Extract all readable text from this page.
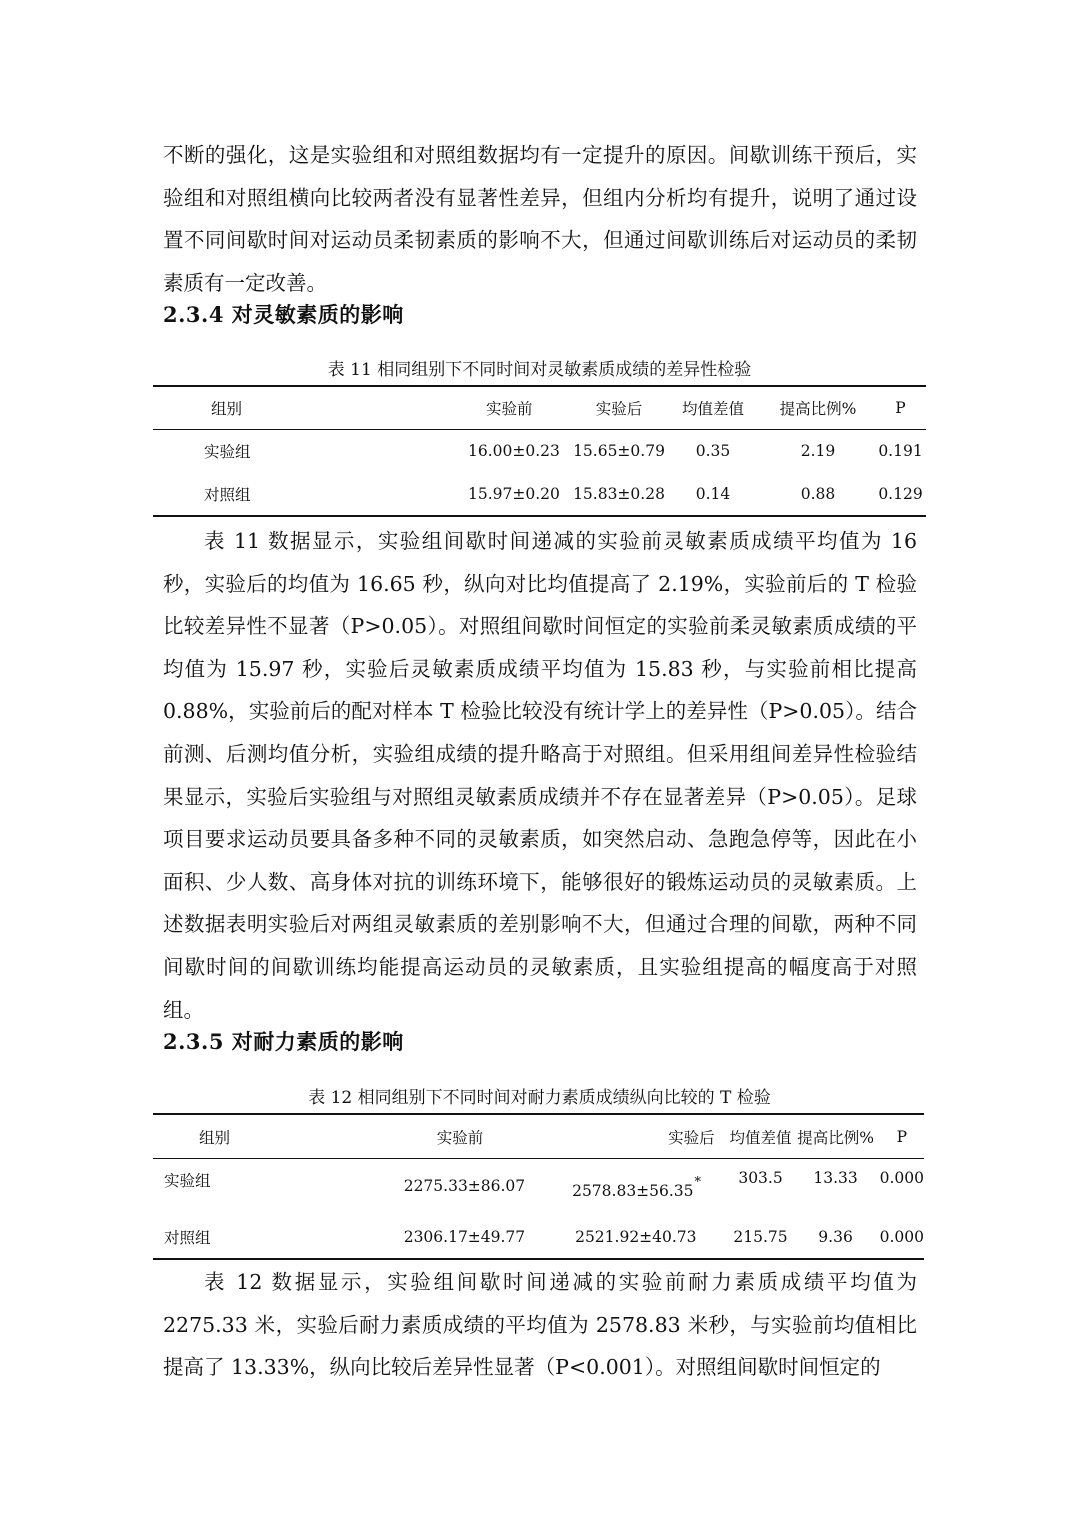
不断的强化，这是实验组和对照组数据均有一定提升的原因。间歇训练干预后，实验组和对照组横向比较两者没有显著性差异，但组内分析均有提升，说明了通过设置不同间歇时间对运动员柔韧素质的影响不大，但通过间歇训练后对运动员的柔韧素质有一定改善。

2.3.4 对灵敏素质的影响
表 11 相同组别下不同时间对灵敏素质成绩的差异性检验
组别	实验前	实验后	均值差值	提高比例%	P
实验组	16.00±0.23	15.65±0.79	0.35	2.19	0.191
对照组	15.97±0.20	15.83±0.28	0.14	0.88	0.129

表 11 数据显示，实验组间歇时间递减的实验前灵敏素质成绩平均值为 16 秒，实验后的均值为 16.65 秒，纵向对比均值提高了 2.19%，实验前后的 T 检验比较差异性不显著（P>0.05）。对照组间歇时间恒定的实验前柔灵敏素质成绩的平均值为 15.97 秒，实验后灵敏素质成绩平均值为 15.83 秒，与实验前相比提高 0.88%，实验前后的配对样本 T 检验比较没有统计学上的差异性（P>0.05）。结合前测、后测均值分析，实验组成绩的提升略高于对照组。但采用组间差异性检验结果显示，实验后实验组与对照组灵敏素质成绩并不存在显著差异（P>0.05）。足球项目要求运动员要具备多种不同的灵敏素质，如突然启动、急跑急停等，因此在小面积、少人数、高身体对抗的训练环境下，能够很好的锻炼运动员的灵敏素质。上述数据表明实验后对两组灵敏素质的差别影响不大，但通过合理的间歇，两种不同间歇时间的间歇训练均能提高运动员的灵敏素质，且实验组提高的幅度高于对照组。

2.3.5 对耐力素质的影响
表 12 相同组别下不同时间对耐力素质成绩纵向比较的 T 检验
组别	实验前	实验后	均值差值	提高比例%	P
实验组	2275.33±86.07	2578.83±56.35*	303.5	13.33	0.000
对照组	2306.17±49.77	2521.92±40.73	215.75	9.36	0.000

表 12 数据显示，实验组间歇时间递减的实验前耐力素质成绩平均值为 2275.33 米，实验后耐力素质成绩的平均值为 2578.83 米秒，与实验前均值相比提高了 13.33%，纵向比较后差异性显著（P<0.001）。对照组间歇时间恒定的
